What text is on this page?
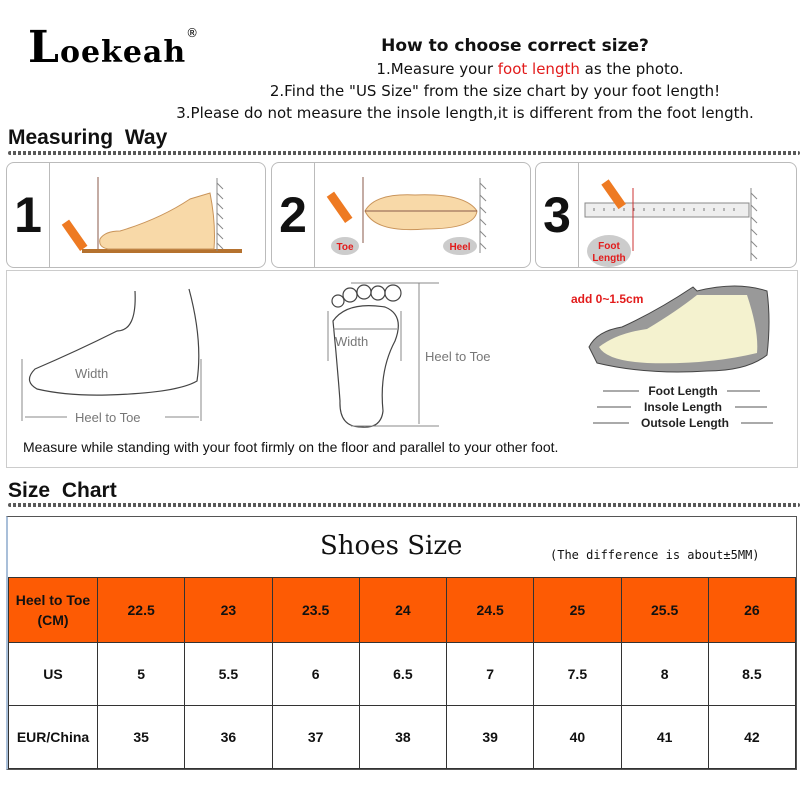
Loekeah®
How to choose correct size?
1.Measure your foot length as the photo.
2.Find the "US Size" from the size chart by your foot length!
3.Please do not measure the insole length,it is different from the foot length.
Measuring Way
1	2
Toe	Heel
3
Foot
Length
Width
Heel to Toe
Width
Heel to Toe
add 0~1.5cm
Foot Length
Insole Length
Outsole Length
Measure while standing with your foot firmly on the floor and parallel to your other foot.
Size Chart
Shoes Size	(The difference is about±5MM)
Heel to Toe (CM)	22.5	23	23.5	24	24.5	25	25.5	26
US	5	5.5	6	6.5	7	7.5	8	8.5
EUR/China	35	36	37	38	39	40	41	42
